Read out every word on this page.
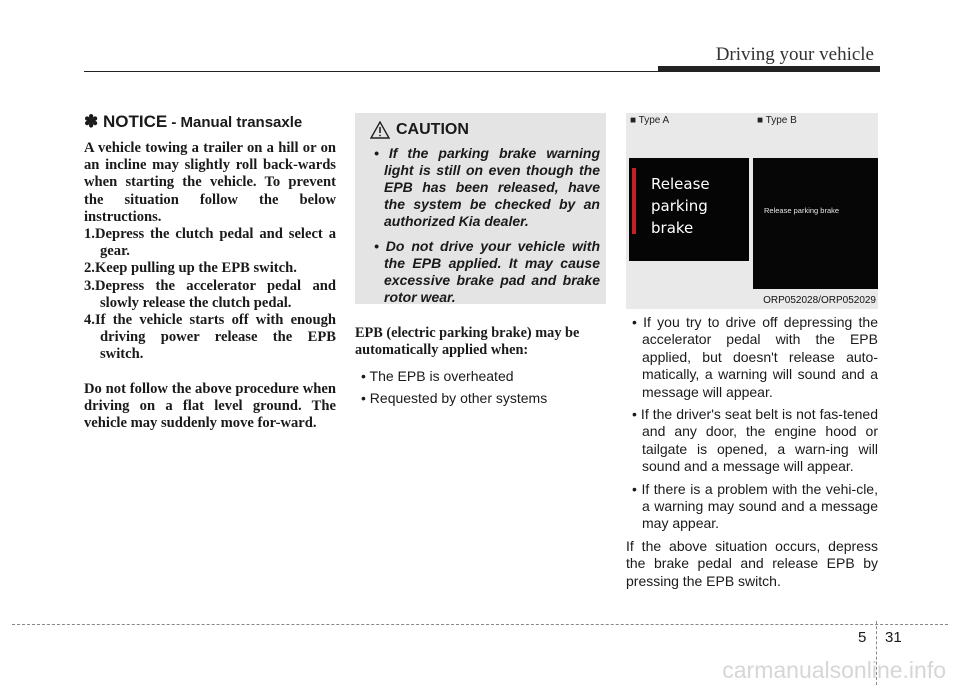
Driving your vehicle
✽ NOTICE - Manual transaxle

A vehicle towing a trailer on a hill or on an incline may slightly roll back-wards when starting the vehicle. To prevent the situation follow the below instructions.

1.Depress the clutch pedal and select a gear.
2.Keep pulling up the EPB switch.
3.Depress the accelerator pedal and slowly release the clutch pedal.
4.If the vehicle starts off with enough driving power release the EPB switch.

Do not follow the above procedure when driving on a flat level ground. The vehicle may suddenly move for-ward.

CAUTION
• If the parking brake warning light is still on even though the EPB has been released, have the system be checked by an authorized Kia dealer.
• Do not drive your vehicle with the EPB applied. It may cause excessive brake pad and brake rotor wear.

EPB (electric parking brake) may be automatically applied when:

• The EPB is overheated

• Requested by other systems

■ Type A	■ Type B
Release
parking brake
Release parking brake
ORP052028/ORP052029

• If you try to drive off depressing the accelerator pedal with the EPB applied, but doesn't release auto-matically, a warning will sound and a message will appear.

• If the driver's seat belt is not fas-tened and any door, the engine hood or tailgate is opened, a warn-ing will sound and a message will appear.

• If there is a problem with the vehi-cle, a warning may sound and a message may appear.

If the above situation occurs, depress the brake pedal and release EPB by pressing the EPB switch.

5 31
carmanualsonline.info
